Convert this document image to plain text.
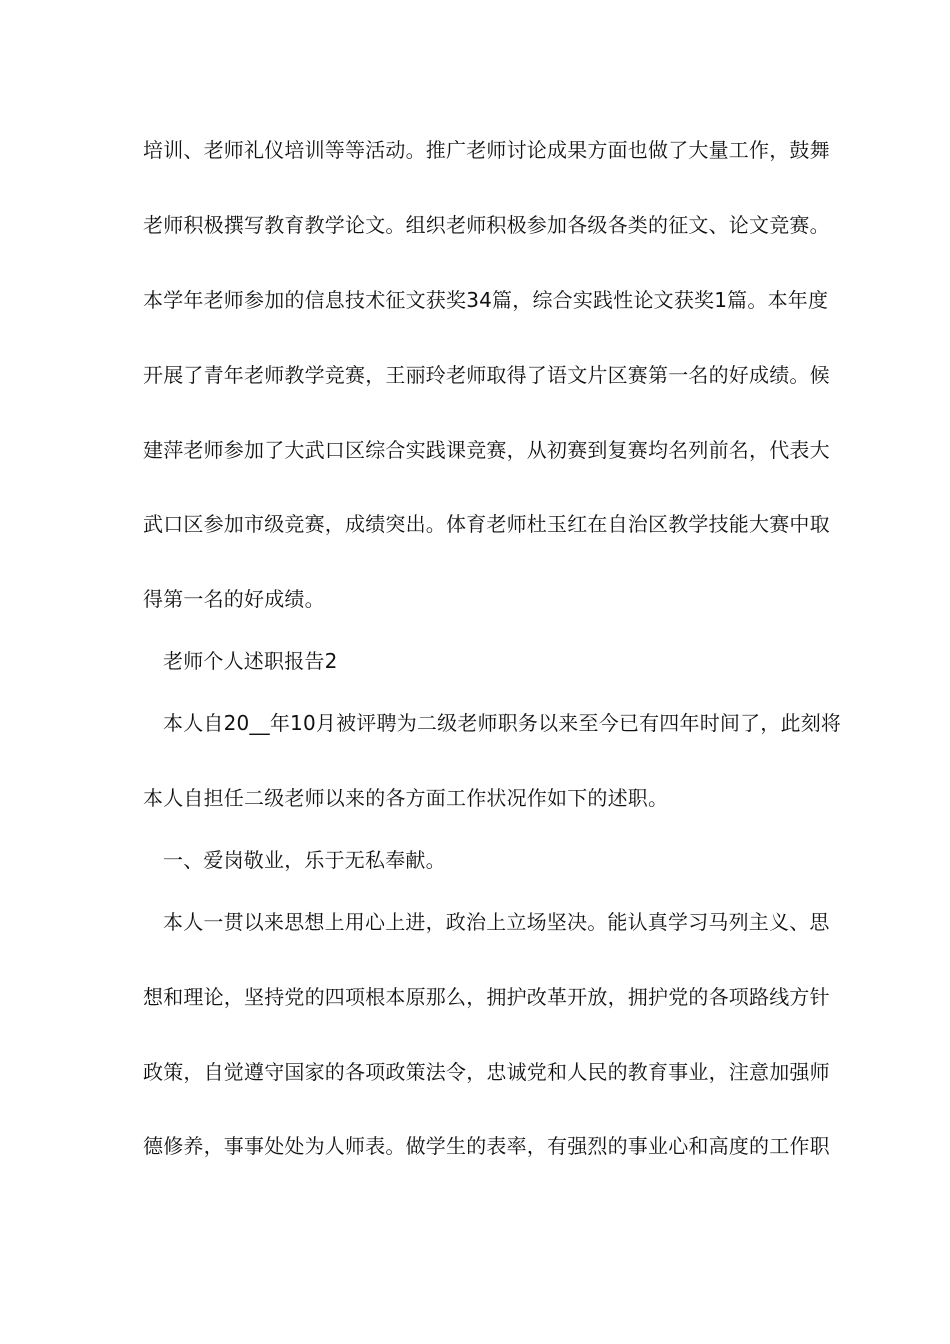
培训、老师礼仪培训等等活动。推广老师讨论成果方面也做了大量工作，鼓舞
老师积极撰写教育教学论文。组织老师积极参加各级各类的征文、论文竞赛。
本学年老师参加的信息技术征文获奖34篇，综合实践性论文获奖1篇。本年度
开展了青年老师教学竞赛，王丽玲老师取得了语文片区赛第一名的好成绩。候
建萍老师参加了大武口区综合实践课竞赛，从初赛到复赛均名列前名，代表大
武口区参加市级竞赛，成绩突出。体育老师杜玉红在自治区教学技能大赛中取
得第一名的好成绩。
老师个人述职报告2
本人自20__年10月被评聘为二级老师职务以来至今已有四年时间了，此刻将
本人自担任二级老师以来的各方面工作状况作如下的述职。
一、爱岗敬业，乐于无私奉献。
本人一贯以来思想上用心上进，政治上立场坚决。能认真学习马列主义、思
想和理论，坚持党的四项根本原那么，拥护改革开放，拥护党的各项路线方针
政策，自觉遵守国家的各项政策法令，忠诚党和人民的教育事业，注意加强师
德修养，事事处处为人师表。做学生的表率，有强烈的事业心和高度的工作职
